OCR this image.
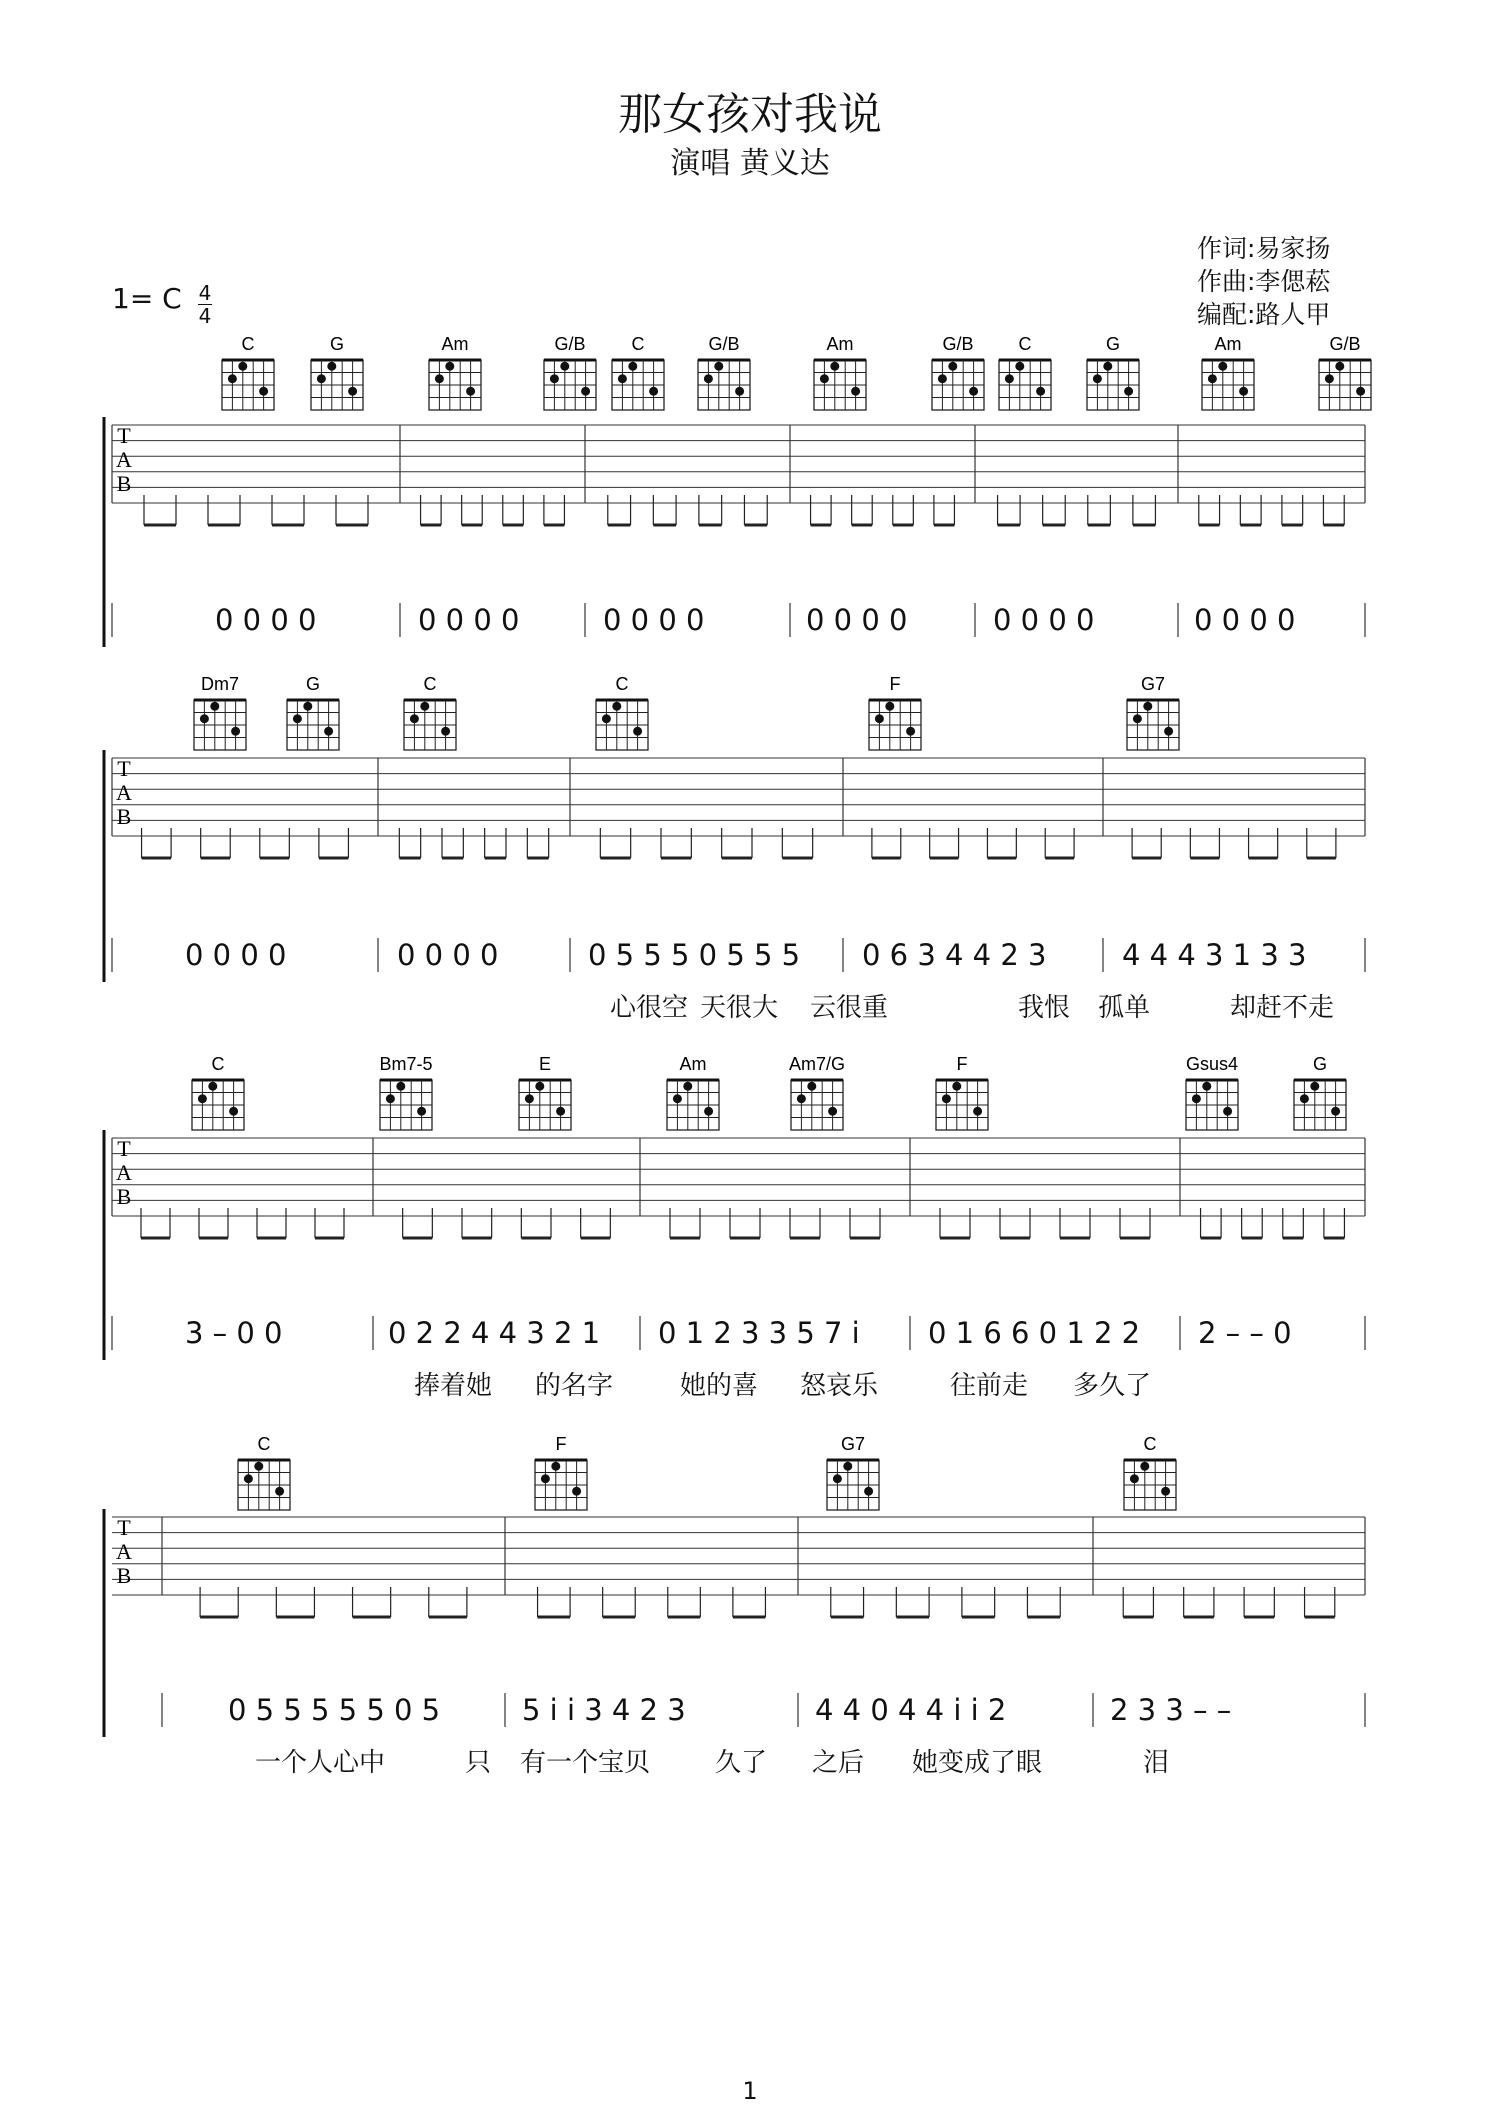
那女孩对我说
演唱 黄义达
作词:易家扬
作曲:李偲菘
编配:路人甲
1= C 4
4
C	G	Am	G/B	C	G/B	Am	G/B C	G	Am	G/B
T
A
B
0 0 0 0	0 0 0 0	0 0 0 0	0 0 0 0	0 0 0 0	0 0 0 0
Dm7	G	C	C	F	G7
T
A
B
0 0 0 0	0 0 0 0	0 5 5 5 0 5 5 5 0 6 3 4 4 2 3	4 4 4 3 1 3 3
心很空 天很大 云很重	我恨 孤单	却赶不走
C	Bm7-5	E	Am	Am7/G	F	Gsus4	G
T
A
B
3 – 0 0	0 2 2 4 4 3 2 1 0 1 2 3 3 5 7 i 0 1 6 6 0 1 2 2 2 – – 0
捧着她 的名字	她的喜 怒哀乐	往前走 多久了
C	F	G7	C
T
A
B
0 5 5 5 5 5 0 5	5 i i 3 4 2 3	4 4 0 4 4 i i 2	2 3 3 – –
一个人心中	只 有一个宝贝 久了 之后 她变成了眼	泪
1
